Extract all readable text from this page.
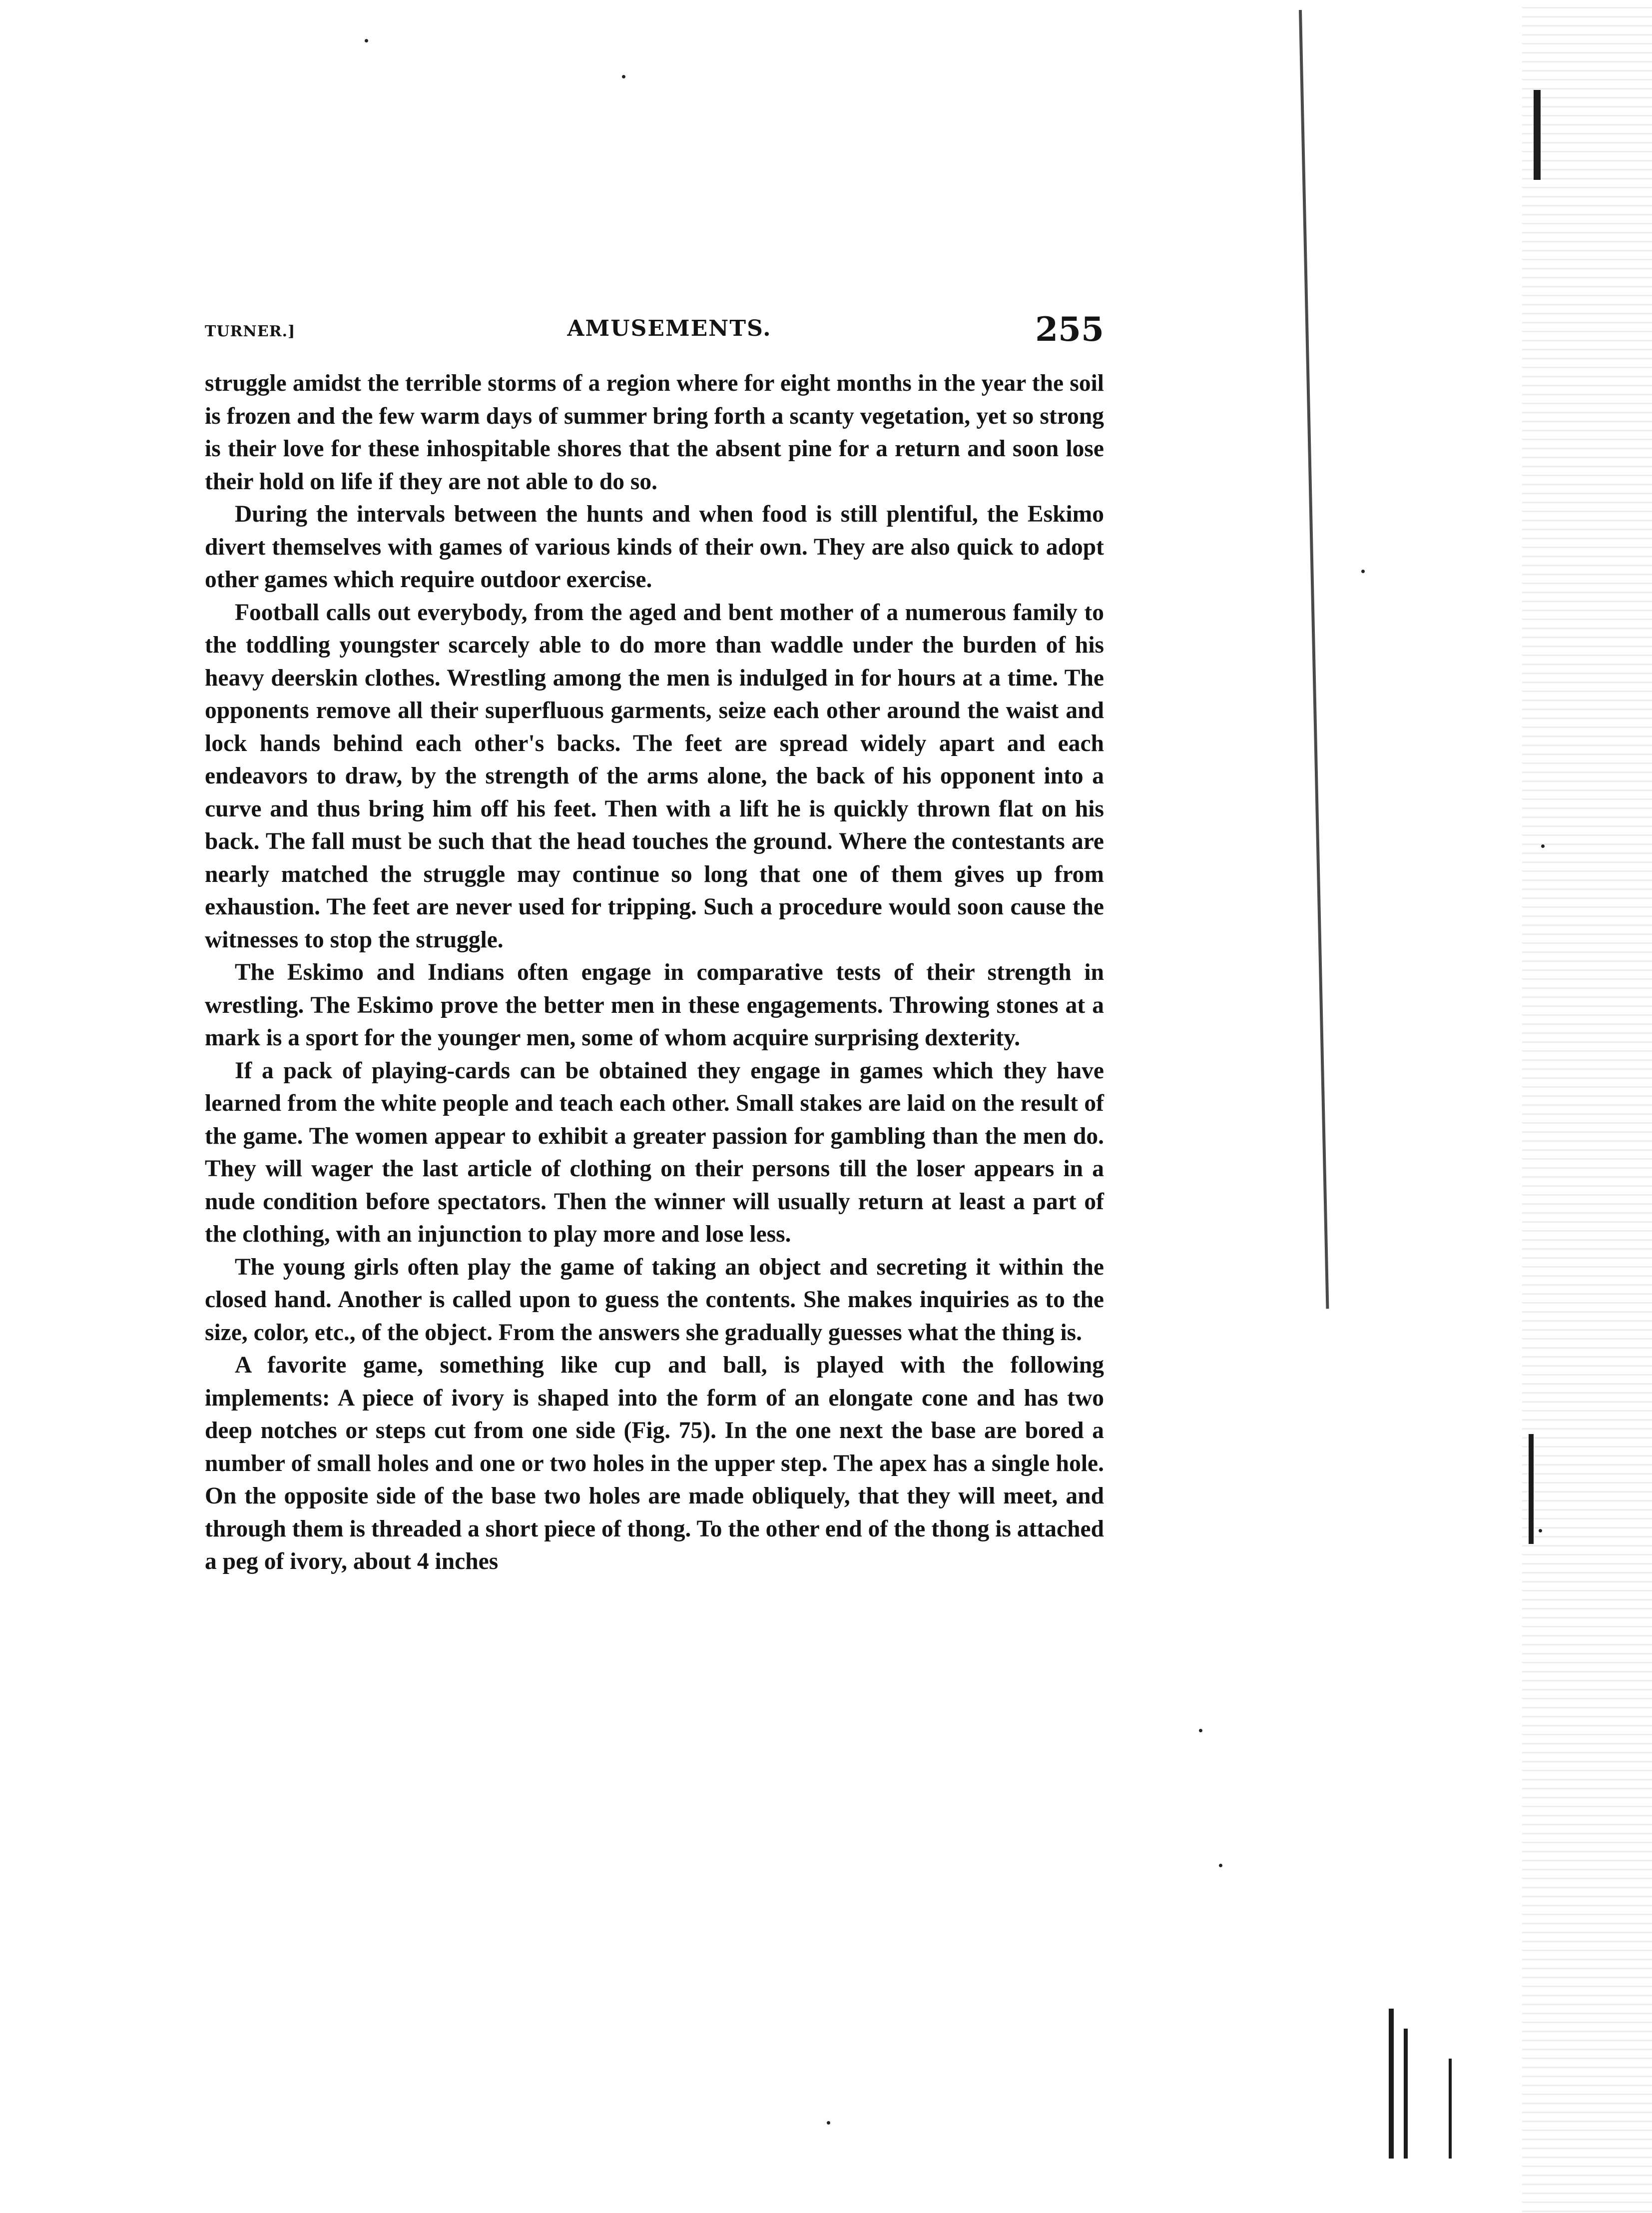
TURNER.]	AMUSEMENTS.	255

struggle amidst the terrible storms of a region where for eight months in the year the soil is frozen and the few warm days of summer bring forth a scanty vegetation, yet so strong is their love for these inhospitable shores that the absent pine for a return and soon lose their hold on life if they are not able to do so.

During the intervals between the hunts and when food is still plentiful, the Eskimo divert themselves with games of various kinds of their own. They are also quick to adopt other games which require outdoor exercise.

Football calls out everybody, from the aged and bent mother of a numerous family to the toddling youngster scarcely able to do more than waddle under the burden of his heavy deerskin clothes. Wrestling among the men is indulged in for hours at a time. The opponents remove all their superfluous garments, seize each other around the waist and lock hands behind each other's backs. The feet are spread widely apart and each endeavors to draw, by the strength of the arms alone, the back of his opponent into a curve and thus bring him off his feet. Then with a lift he is quickly thrown flat on his back. The fall must be such that the head touches the ground. Where the contestants are nearly matched the struggle may continue so long that one of them gives up from exhaustion. The feet are never used for tripping. Such a procedure would soon cause the witnesses to stop the struggle.

The Eskimo and Indians often engage in comparative tests of their strength in wrestling. The Eskimo prove the better men in these engagements. Throwing stones at a mark is a sport for the younger men, some of whom acquire surprising dexterity.

If a pack of playing-cards can be obtained they engage in games which they have learned from the white people and teach each other. Small stakes are laid on the result of the game. The women appear to exhibit a greater passion for gambling than the men do. They will wager the last article of clothing on their persons till the loser appears in a nude condition before spectators. Then the winner will usually return at least a part of the clothing, with an injunction to play more and lose less.

The young girls often play the game of taking an object and secreting it within the closed hand. Another is called upon to guess the contents. She makes inquiries as to the size, color, etc., of the object. From the answers she gradually guesses what the thing is.

A favorite game, something like cup and ball, is played with the following implements: A piece of ivory is shaped into the form of an elongate cone and has two deep notches or steps cut from one side (Fig. 75). In the one next the base are bored a number of small holes and one or two holes in the upper step. The apex has a single hole. On the opposite side of the base two holes are made obliquely, that they will meet, and through them is threaded a short piece of thong. To the other end of the thong is attached a peg of ivory, about 4 inches
